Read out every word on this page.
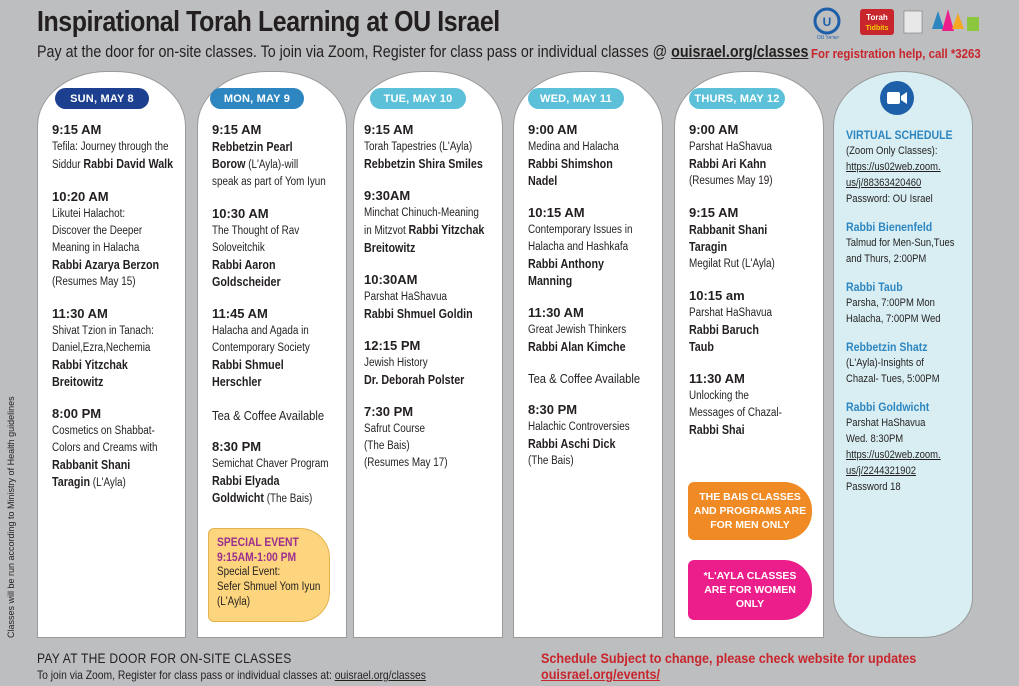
Inspirational Torah Learning at OU Israel
Pay at the door for on-site classes. To join via Zoom, Register for class pass or individual classes @ ouisrael.org/classes
U
OU ישראל
Torah
Tidbits
For registration help, call *3263
SUN, MAY 8
9:15 AM
Tefila: Journey through the
Siddur Rabbi David Walk
10:20 AM
Likutei Halachot:
Discover the Deeper
Meaning in Halacha
Rabbi Azarya Berzon
(Resumes May 15)
11:30 AM
Shivat Tzion in Tanach:
Daniel,Ezra,Nechemia
Rabbi Yitzchak
Breitowitz
8:00 PM
Cosmetics on Shabbat-
Colors and Creams with
Rabbanit Shani
Taragin (L'Ayla)
MON, MAY 9
9:15 AM
Rebbetzin Pearl
Borow (L'Ayla)-will
speak as part of Yom Iyun
10:30 AM
The Thought of Rav
Soloveitchik
Rabbi Aaron
Goldscheider
11:45 AM
Halacha and Agada in
Contemporary Society
Rabbi Shmuel
Herschler
Tea & Coffee Available
8:30 PM
Semichat Chaver Program
Rabbi Elyada
Goldwicht (The Bais)
SPECIAL EVENT
9:15AM-1:00 PM
Special Event:
Sefer Shmuel Yom Iyun
(L'Ayla)
TUE, MAY 10
9:15 AM
Torah Tapestries (L'Ayla)
Rebbetzin Shira Smiles
9:30AM
Minchat Chinuch-Meaning
in Mitzvot Rabbi Yitzchak
Breitowitz
10:30AM
Parshat HaShavua
Rabbi Shmuel Goldin
12:15 PM
Jewish History
Dr. Deborah Polster
7:30 PM
Safrut Course
(The Bais)
(Resumes May 17)
WED, MAY 11
9:00 AM
Medina and Halacha
Rabbi Shimshon
Nadel
10:15 AM
Contemporary Issues in
Halacha and Hashkafa
Rabbi Anthony
Manning
11:30 AM
Great Jewish Thinkers
Rabbi Alan Kimche
Tea & Coffee Available
8:30 PM
Halachic Controversies
Rabbi Aschi Dick
(The Bais)
THURS, MAY 12
9:00 AM
Parshat HaShavua
Rabbi Ari Kahn
(Resumes May 19)
9:15 AM
Rabbanit Shani
Taragin
Megilat Rut (L'Ayla)
10:15 am
Parshat HaShavua
Rabbi Baruch
Taub
11:30 AM
Unlocking the
Messages of Chazal-
Rabbi Shai
THE BAIS CLASSES
AND PROGRAMS ARE
FOR MEN ONLY
*L'AYLA CLASSES
ARE FOR WOMEN
ONLY
VIRTUAL SCHEDULE
(Zoom Only Classes):
https://us02web.zoom.
us/j/88363420460
Password: OU Israel
Rabbi Bienenfeld
Talmud for Men-Sun,Tues
and Thurs, 2:00PM
Rabbi Taub
Parsha, 7:00PM Mon
Halacha, 7:00PM Wed
Rebbetzin Shatz
(L'Ayla)-Insights of
Chazal- Tues, 5:00PM
Rabbi Goldwicht
Parshat HaShavua
Wed. 8:30PM
https://us02web.zoom.
us/j/2244321902
Password 18
Classes will be run according to Ministry of Health guidelines
PAY AT THE DOOR FOR ON-SITE CLASSES
To join via Zoom, Register for class pass or individual classes at: ouisrael.org/classes
Schedule Subject to change, please check website for updates
ouisrael.org/events/
